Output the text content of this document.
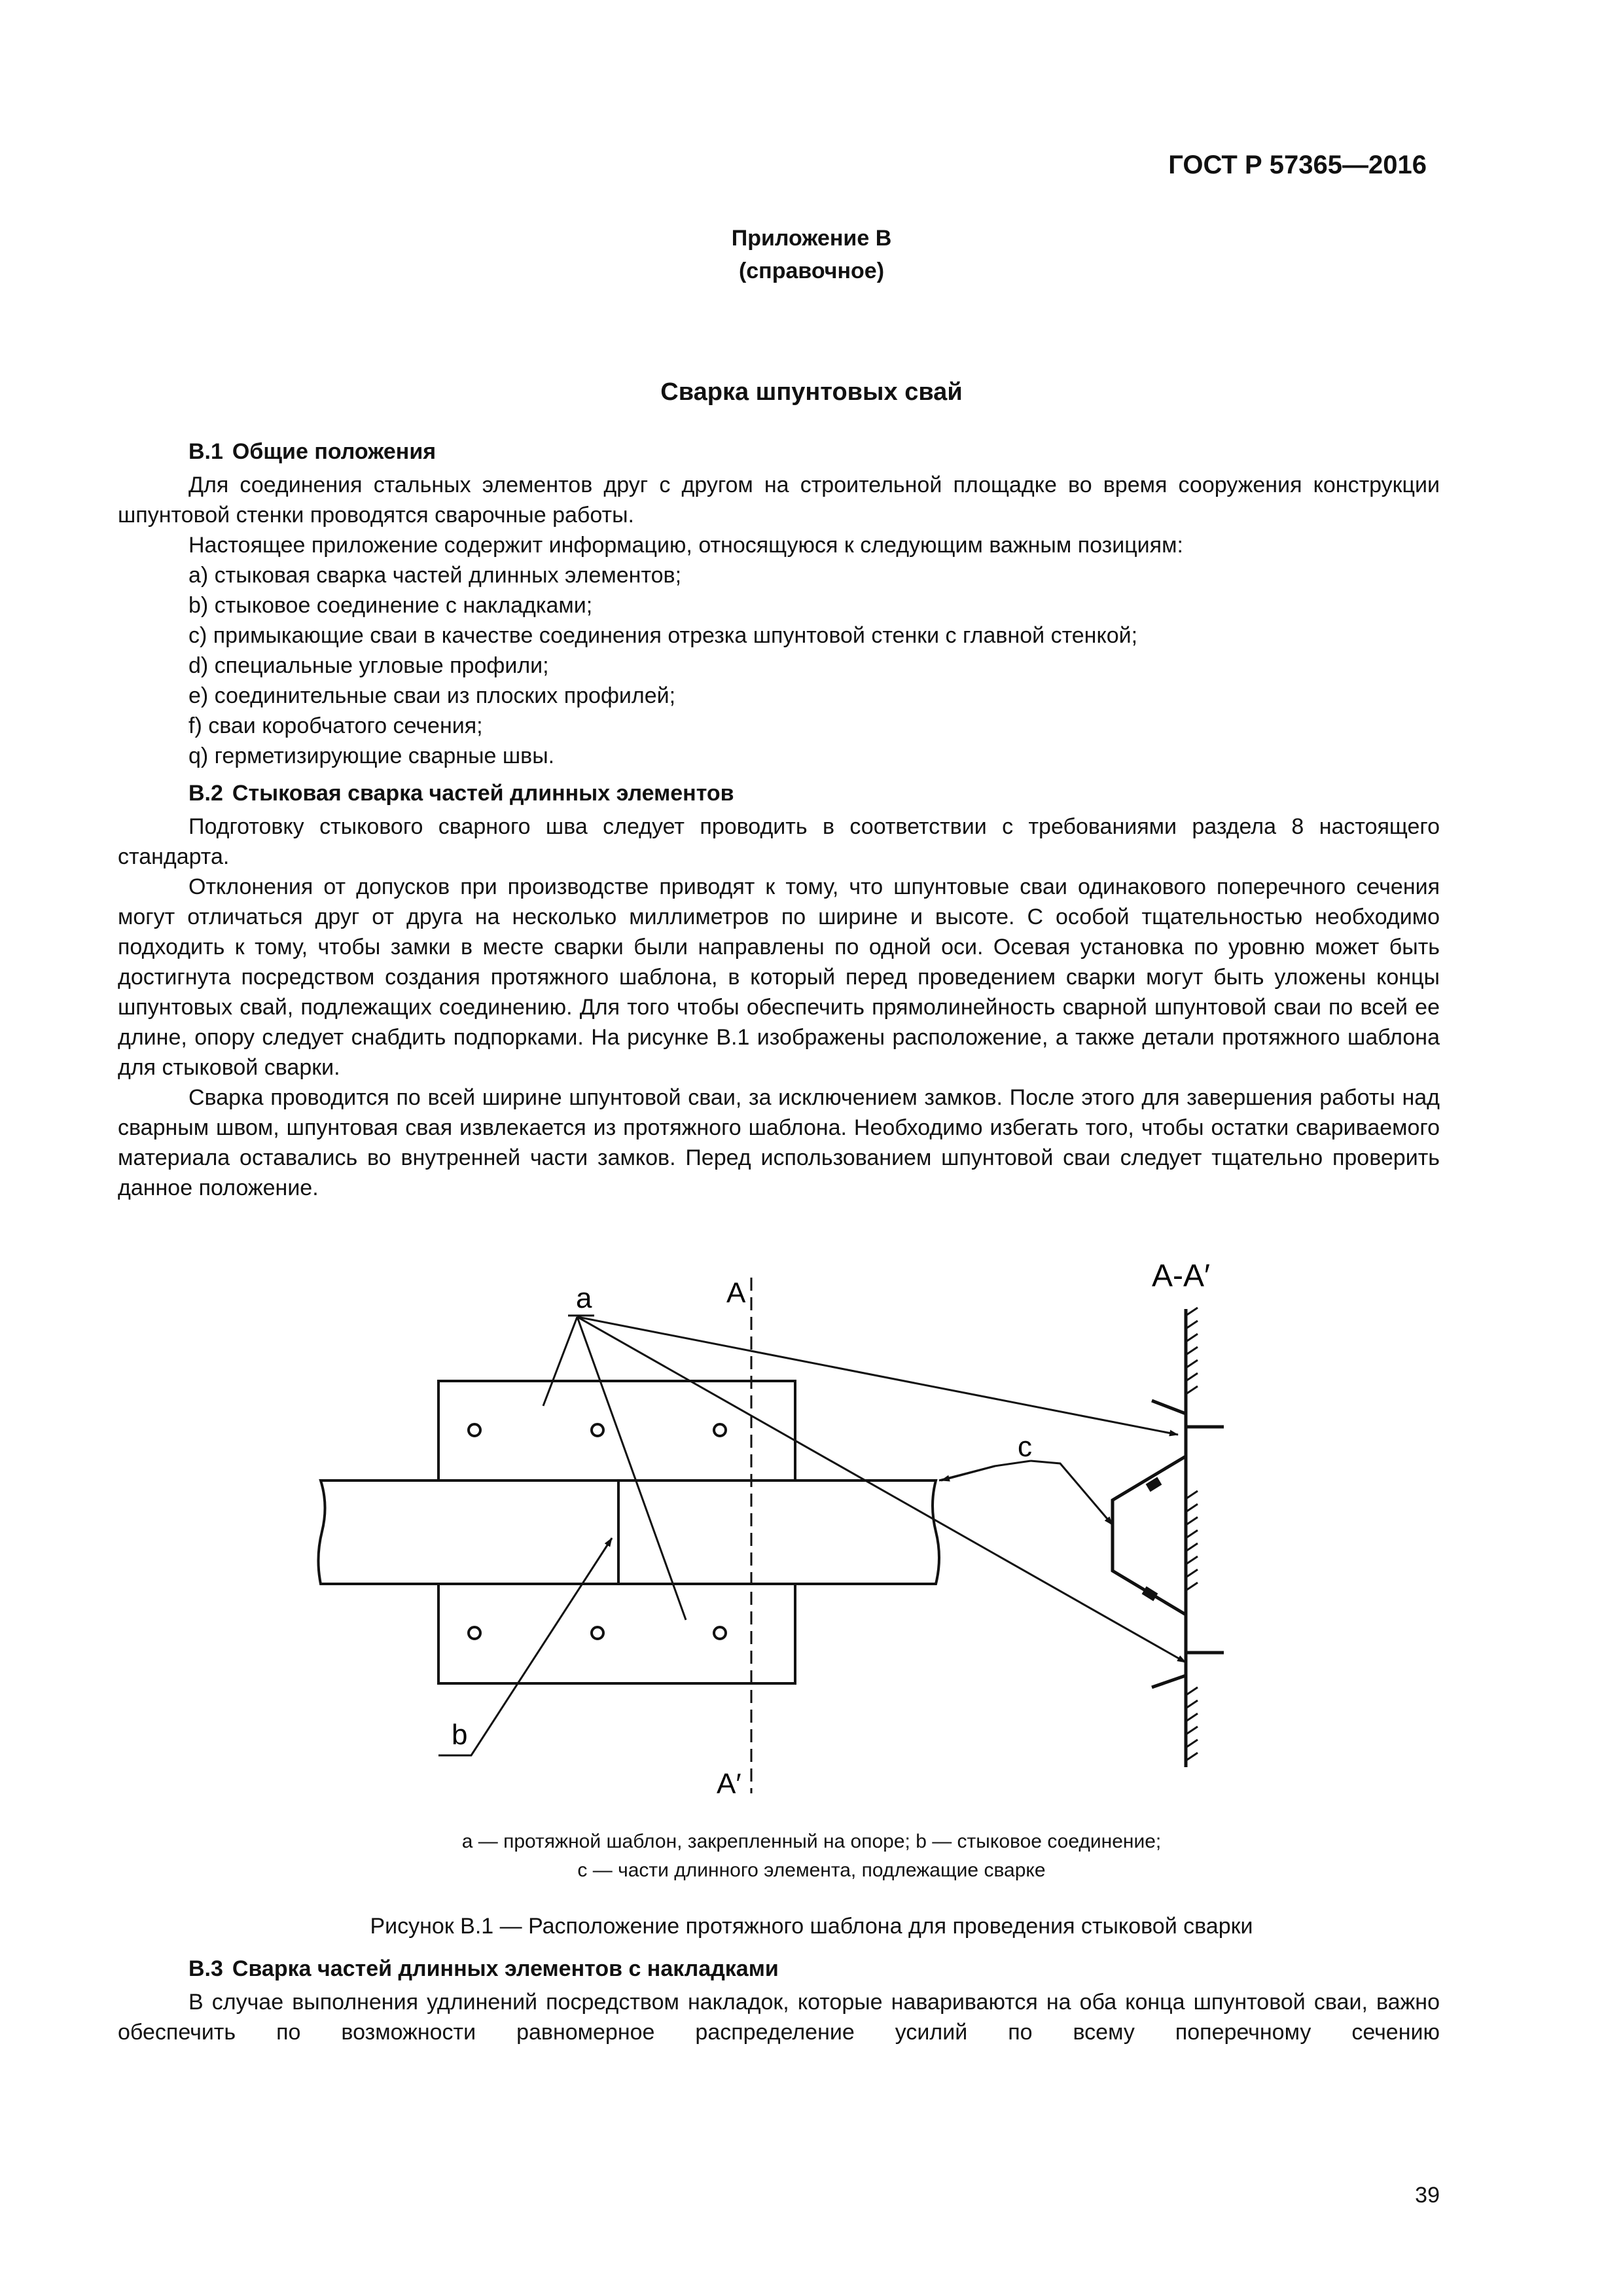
ГОСТ Р 57365—2016
Приложение В
(справочное)
Сварка шпунтовых свай
В.1 Общие положения

Для соединения стальных элементов друг с другом на строительной площадке во время сооружения конструкции шпунтовой стенки проводятся сварочные работы.

Настоящее приложение содержит информацию, относящуюся к следующим важным позициям:

a) стыковая сварка частей длинных элементов;

b) стыковое соединение с накладками;

c) примыкающие сваи в качестве соединения отрезка шпунтовой стенки с главной стенкой;

d) специальные угловые профили;

e) соединительные сваи из плоских профилей;

f) сваи коробчатого сечения;

q) герметизирующие сварные швы.

В.2 Стыковая сварка частей длинных элементов

Подготовку стыкового сварного шва следует проводить в соответствии с требованиями раздела 8 настоящего стандарта.

Отклонения от допусков при производстве приводят к тому, что шпунтовые сваи одинакового поперечного сечения могут отличаться друг от друга на несколько миллиметров по ширине и высоте. С особой тщательностью необходимо подходить к тому, чтобы замки в месте сварки были направлены по одной оси. Осевая установка по уровню может быть достигнута посредством создания протяжного шаблона, в который перед проведением сварки могут быть уложены концы шпунтовых свай, подлежащих соединению. Для того чтобы обеспечить прямолинейность сварной шпунтовой сваи по всей ее длине, опору следует снабдить подпорками. На рисунке В.1 изображены расположение, а также детали протяжного шаблона для стыковой сварки.

Сварка проводится по всей ширине шпунтовой сваи, за исключением замков. После этого для завершения работы над сварным швом, шпунтовая свая извлекается из протяжного шаблона. Необходимо избегать того, чтобы остатки свариваемого материала оставались во внутренней части замков. Перед использованием шпунтовой сваи следует тщательно проверить данное положение.

A
A′
a
b
c
A-A′
a — протяжной шаблон, закрепленный на опоре; b — стыковое соединение;
c — части длинного элемента, подлежащие сварке
Рисунок В.1 — Расположение протяжного шаблона для проведения стыковой сварки
В.3 Сварка частей длинных элементов с накладками

В случае выполнения удлинений посредством накладок, которые навариваются на оба конца шпунтовой сваи, важно обеспечить по возможности равномерное распределение усилий по всему поперечному сечению

39
